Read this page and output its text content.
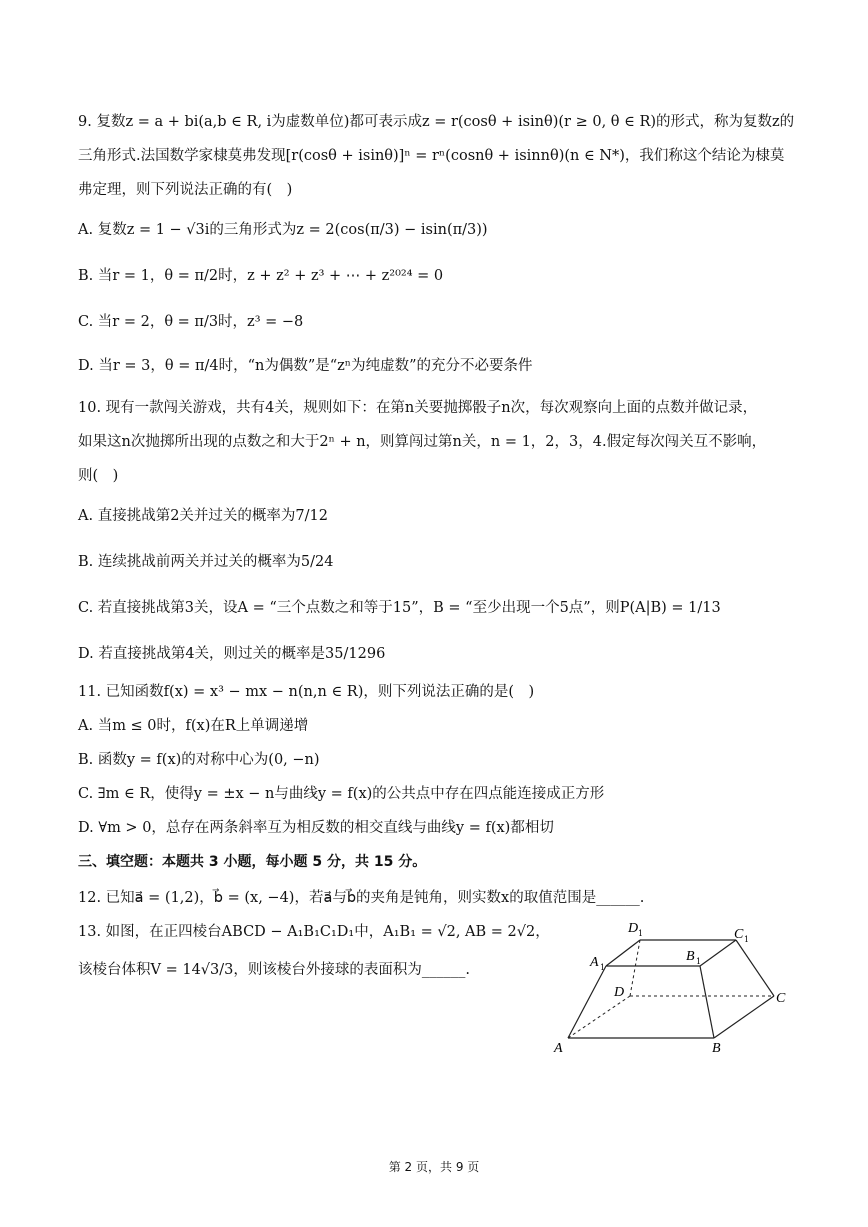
9. 复数z = a + bi(a,b ∈ R, i为虚数单位)都可表示成z = r(cosθ + isinθ)(r ≥ 0, θ ∈ R)的形式，称为复数z的
三角形式.法国数学家棣莫弗发现[r(cosθ + isinθ)]ⁿ = rⁿ(cosnθ + isinnθ)(n ∈ N*)，我们称这个结论为棣莫
弗定理，则下列说法正确的有(　)
A. 复数z = 1 − √3i的三角形式为z = 2(cos(π/3) − isin(π/3))
B. 当r = 1，θ = π/2时，z + z² + z³ + ⋯ + z²⁰²⁴ = 0
C. 当r = 2，θ = π/3时，z³ = −8
D. 当r = 3，θ = π/4时，“n为偶数”是“zⁿ为纯虚数”的充分不必要条件
10. 现有一款闯关游戏，共有4关，规则如下：在第n关要抛掷骰子n次，每次观察向上面的点数并做记录，
如果这n次抛掷所出现的点数之和大于2ⁿ + n，则算闯过第n关，n = 1，2，3，4.假定每次闯关互不影响，
则(　)
A. 直接挑战第2关并过关的概率为7/12
B. 连续挑战前两关并过关的概率为5/24
C. 若直接挑战第3关，设A = “三个点数之和等于15”，B = “至少出现一个5点”，则P(A|B) = 1/13
D. 若直接挑战第4关，则过关的概率是35/1296
11. 已知函数f(x) = x³ − mx − n(n,n ∈ R)，则下列说法正确的是(　)
A. 当m ≤ 0时，f(x)在R上单调递增
B. 函数y = f(x)的对称中心为(0, −n)
C. ∃m ∈ R，使得y = ±x − n与曲线y = f(x)的公共点中存在四点能连接成正方形
D. ∀m > 0，总存在两条斜率互为相反数的相交直线与曲线y = f(x)都相切
三、填空题：本题共 3 小题，每小题 5 分，共 15 分。
12. 已知a⃗ = (1,2)，b⃗ = (x, −4)，若a⃗与b⃗的夹角是钝角，则实数x的取值范围是______.
13. 如图，在正四棱台ABCD − A₁B₁C₁D₁中，A₁B₁ = √2, AB = 2√2，
该棱台体积V = 14√3/3，则该棱台外接球的表面积为______.
A	B
C
D
A 1
B 1
C 1
D 1
第 2 页，共 9 页
